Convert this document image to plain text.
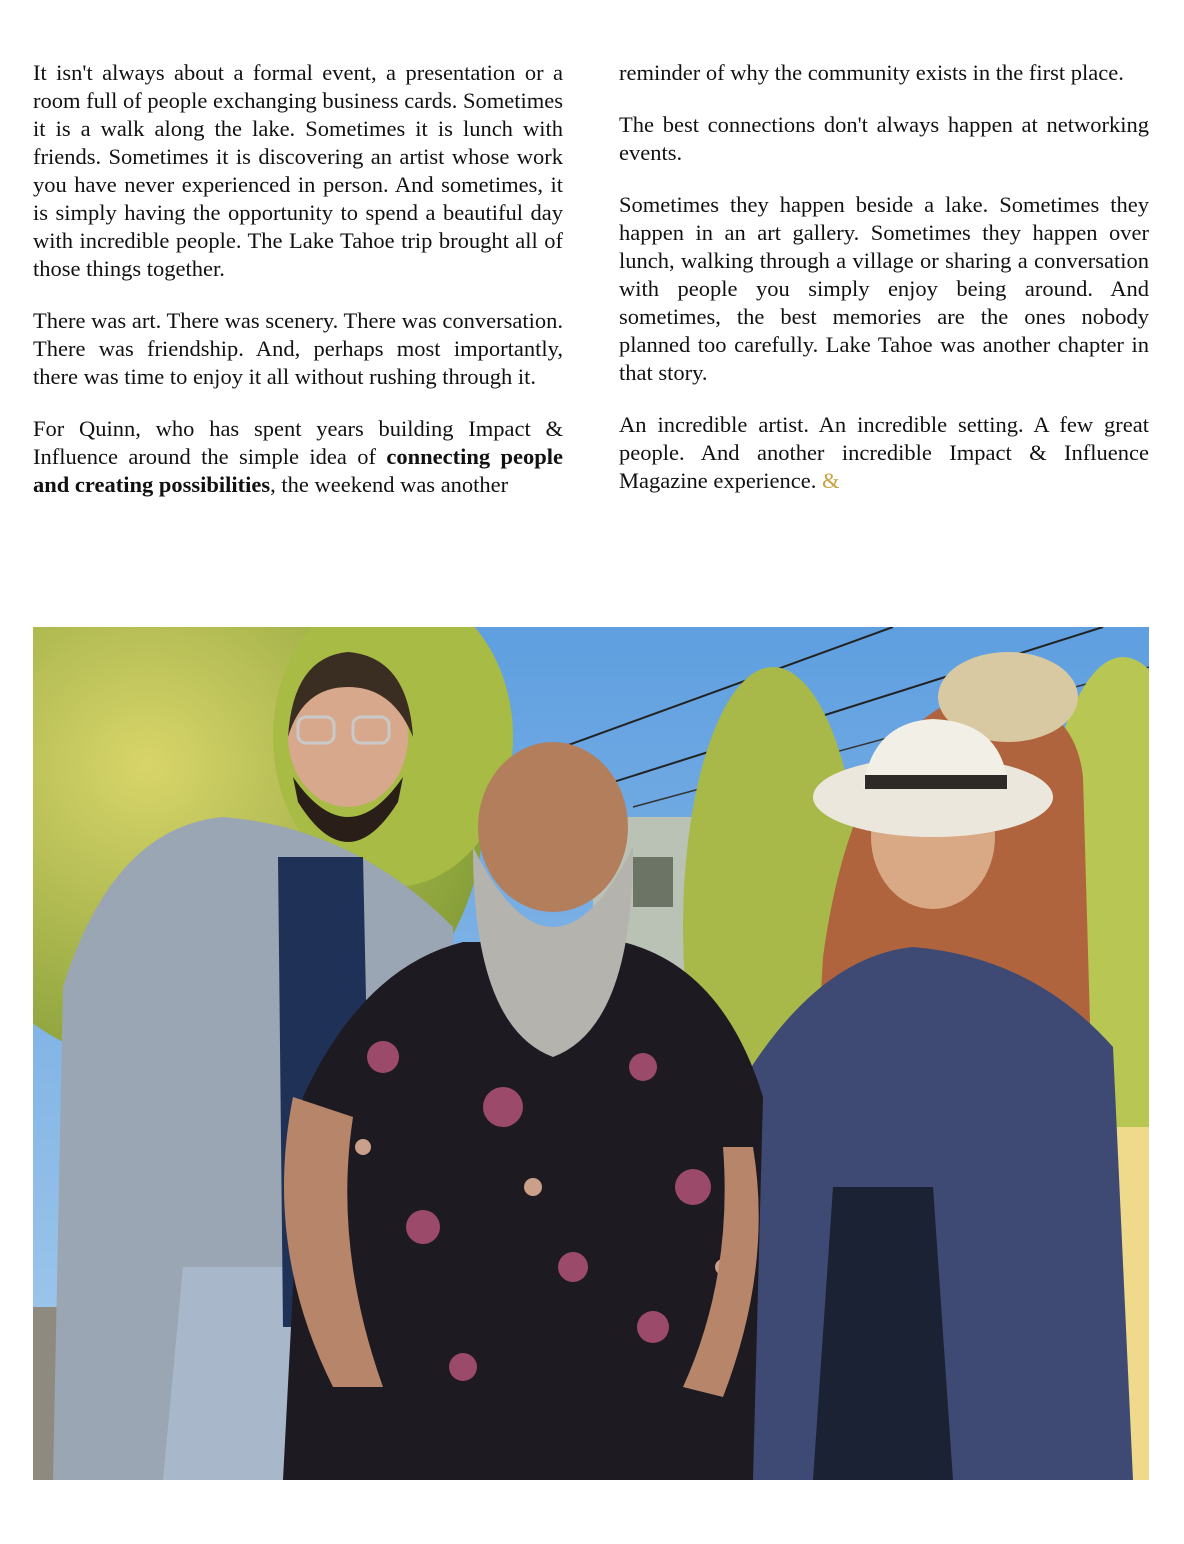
It isn't always about a formal event, a presentation or a room full of people exchanging business cards. Sometimes it is a walk along the lake. Sometimes it is lunch with friends. Sometimes it is discovering an artist whose work you have never experienced in person. And sometimes, it is simply having the opportunity to spend a beautiful day with incredible people. The Lake Tahoe trip brought all of those things together.

There was art. There was scenery. There was conversation. There was friendship. And, perhaps most importantly, there was time to enjoy it all without rushing through it.

For Quinn, who has spent years building Impact & Influence around the simple idea of connecting people and creating possibilities, the weekend was another

reminder of why the community exists in the first place.

The best connections don't always happen at networking events.

Sometimes they happen beside a lake. Sometimes they happen in an art gallery. Sometimes they happen over lunch, walking through a village or sharing a conversation with people you simply enjoy being around. And sometimes, the best memories are the ones nobody planned too carefully. Lake Tahoe was another chapter in that story.

An incredible artist. An incredible setting. A few great people. And another incredible Impact & Influence Magazine experience. &
